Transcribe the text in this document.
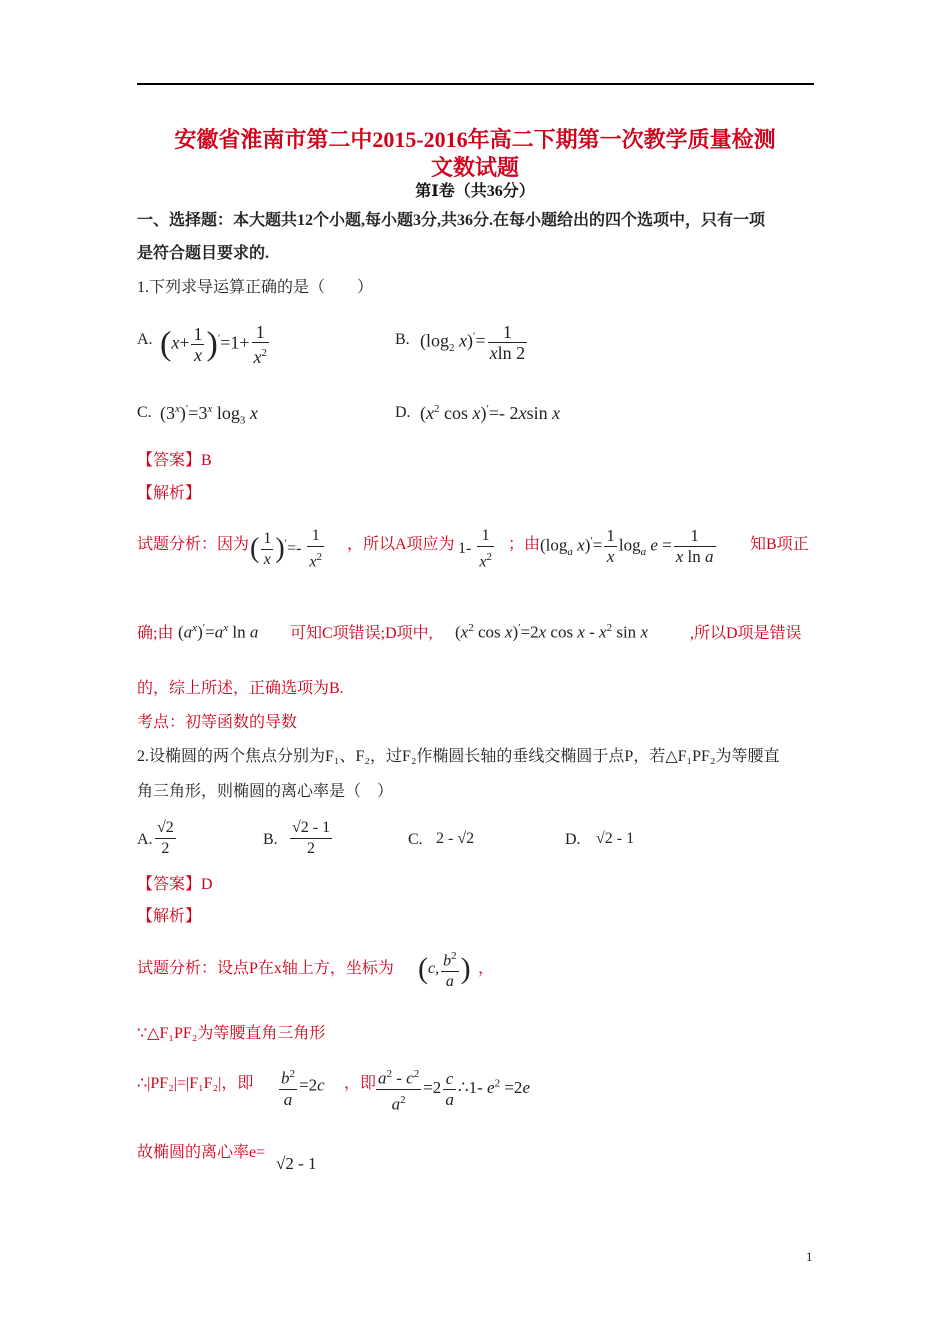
安徽省淮南市第二中2015-2016年高二下期第一次教学质量检测
文数试题
第Ⅰ卷（共36分）
一、选择题：本大题共12个小题,每小题3分,共36分.在每小题给出的四个选项中，只有一项
是符合题目要求的.
1.下列求导运算正确的是（　　）
A. $(x+ \frac{1}{x} )'=1+ \frac{1}{x^2}$	B. ($\log_2$ $x)'= \frac{1}{xln 2}$
C. $(3^x)'=3^x$ $\log_3 x$	D. ($x^2$ cos x)′=- 2xsin x
【答案】B
【解析】
试题分析：因为 ( $\frac{1}{x} )'=- \frac{1}{x^2}$ ，所以A项应为 $1- \frac{1}{x^2}$ ；由 ($\log_a$ $x)'= \frac{1}{x} \log_a e = \frac{1}{\text{x ln a}}$ 知B项正
确;由 $(a^x)'=a^x$ ln a 可知C项错误;D项中, ($x^2$ cos x)′=2x cos x - $x^2$ sin x	,所以D项是错误
的，综上所述，正确选项为B.
考点：初等函数的导数
2.设椭圆的两个焦点分别为F₁、F₂，过F₂作椭圆长轴的垂线交椭圆于点P，若△F₁PF₂为等腰直
角三角形，则椭圆的离心率是（　）
A. $\frac{√2}{2}$	B. $\frac{√2 - 1}{2}$	C. 2 - √2	D. √2 - 1
【答案】D
【解析】
试题分析：设点P在x轴上方，坐标为 (c, $\frac{b^2}{a}$ ) ，
∵△F₁PF₂为等腰直角三角形
∴|PF₂|=|F₁F₂|，即 $\frac{b^2}{a} =2c$ ，即 $\frac{a^2 - c^2}{a^2} =2 \frac{c}{a}$ ∴1- $e^2 =2e$
故椭圆的离心率e=
√2 - 1
1
